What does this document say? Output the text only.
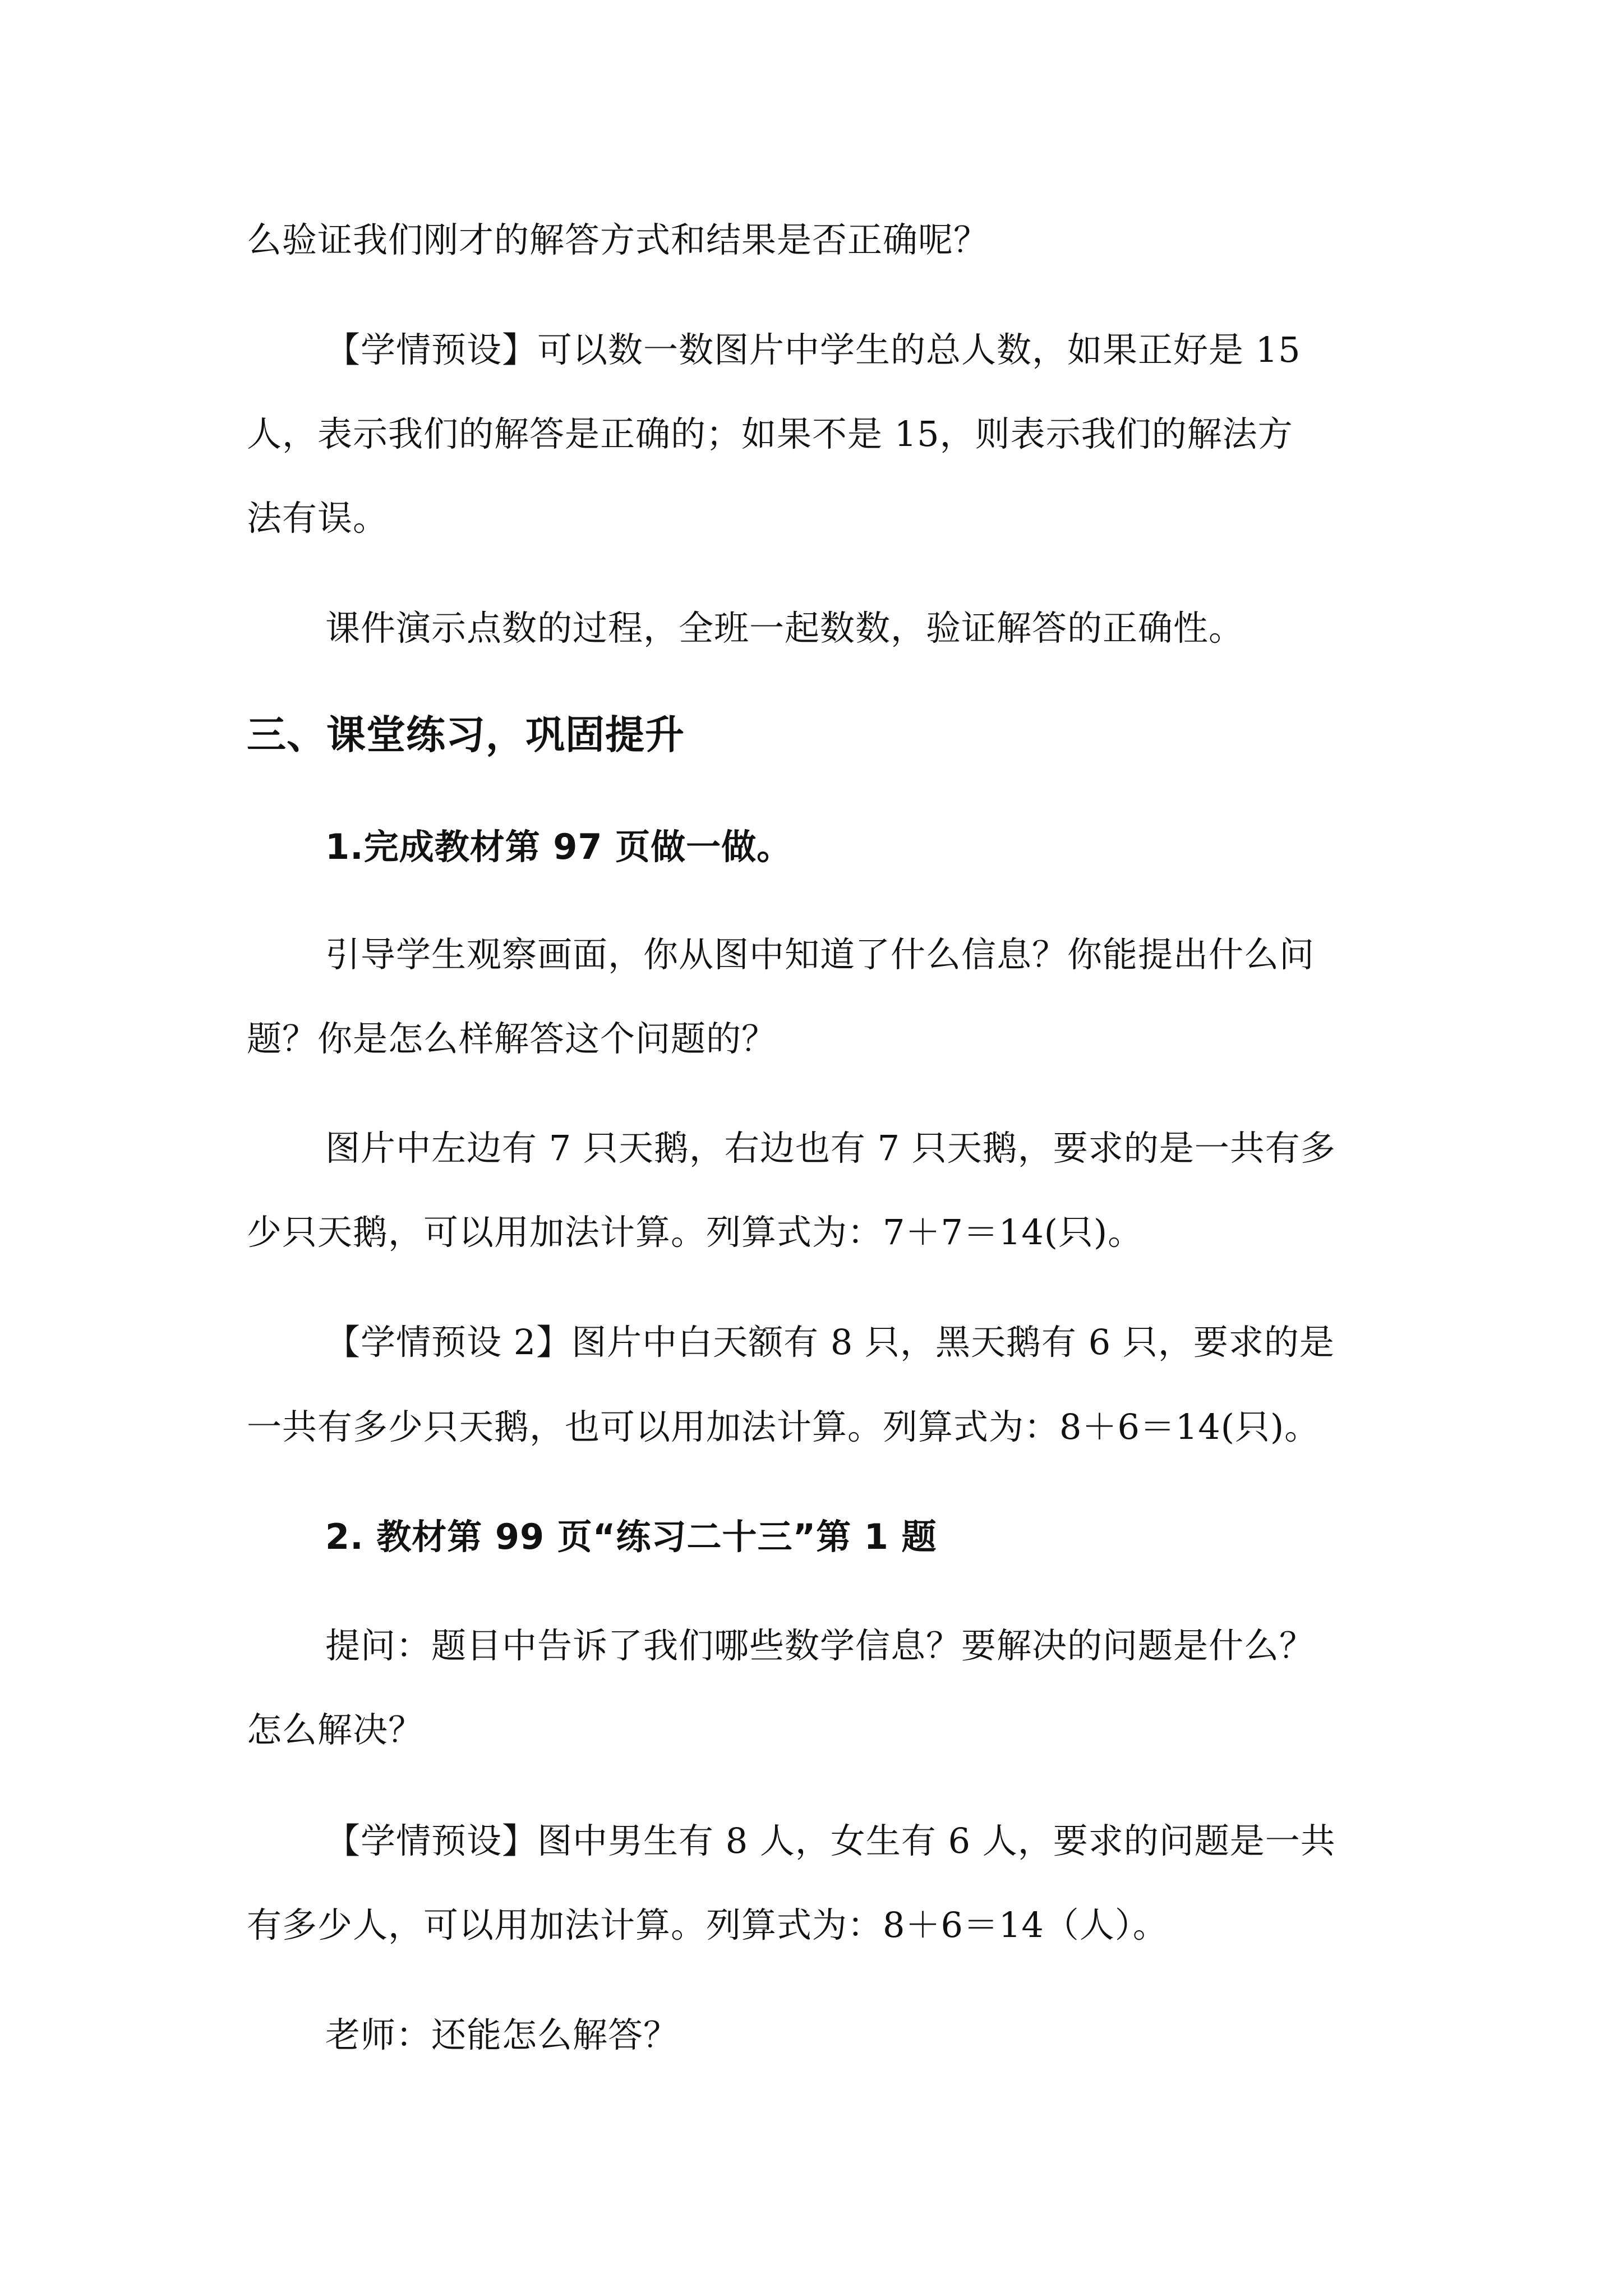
么验证我们刚才的解答方式和结果是否正确呢？
【学情预设】可以数一数图片中学生的总人数，如果正好是 15
人，表示我们的解答是正确的；如果不是 15，则表示我们的解法方
法有误。
课件演示点数的过程，全班一起数数，验证解答的正确性。
三、课堂练习，巩固提升
1.完成教材第 97 页做一做。
引导学生观察画面，你从图中知道了什么信息？你能提出什么问
题？你是怎么样解答这个问题的？
图片中左边有 7 只天鹅，右边也有 7 只天鹅，要求的是一共有多
少只天鹅，可以用加法计算。列算式为：7＋7＝14(只)。
【学情预设 2】图片中白天额有 8 只，黑天鹅有 6 只，要求的是
一共有多少只天鹅，也可以用加法计算。列算式为：8＋6＝14(只)。
2. 教材第 99 页“练习二十三”第 1 题
提问：题目中告诉了我们哪些数学信息？要解决的问题是什么？
怎么解决？
【学情预设】图中男生有 8 人，女生有 6 人，要求的问题是一共
有多少人，可以用加法计算。列算式为：8＋6＝14（人）。
老师：还能怎么解答？
